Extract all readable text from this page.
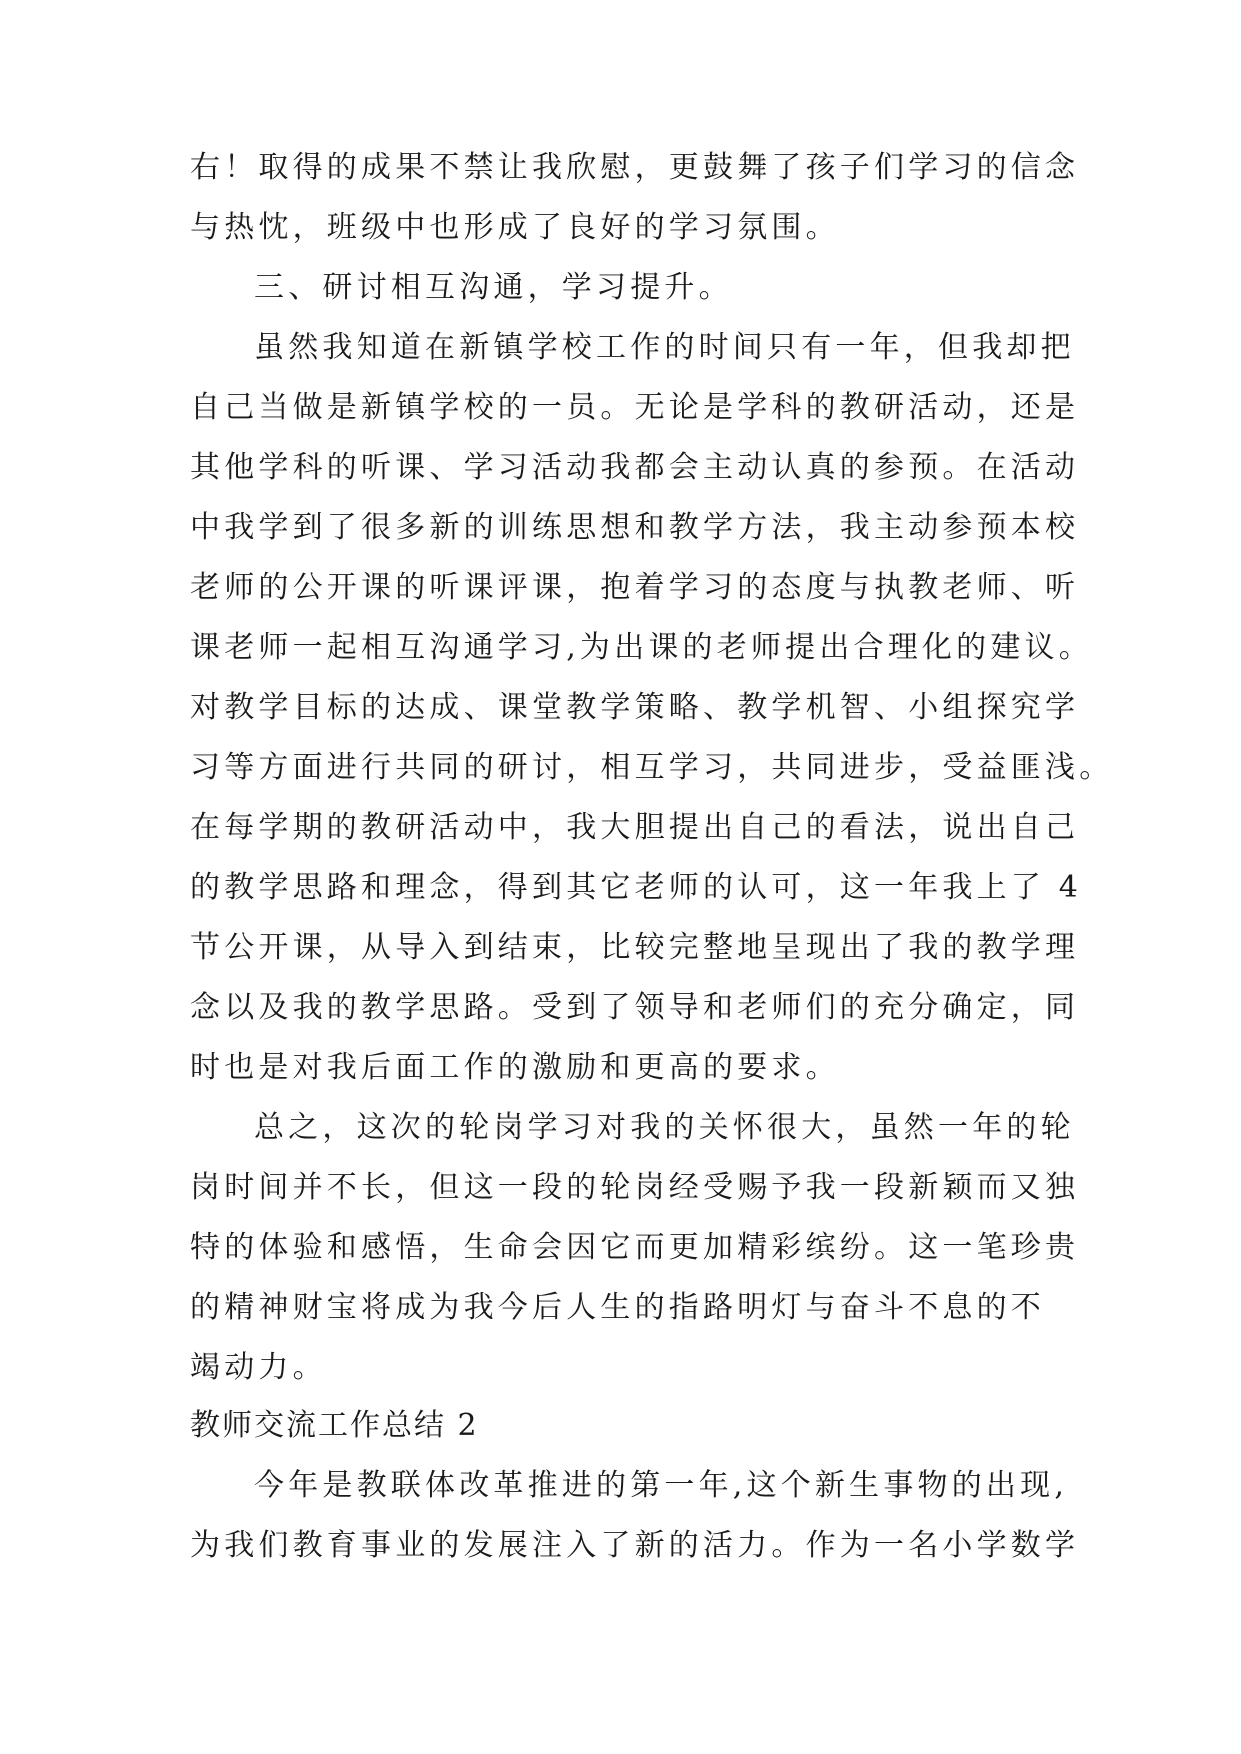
右！取得的成果不禁让我欣慰，更鼓舞了孩子们学习的信念

与热忱，班级中也形成了良好的学习氛围。

三、研讨相互沟通，学习提升。

虽然我知道在新镇学校工作的时间只有一年，但我却把

自己当做是新镇学校的一员。无论是学科的教研活动，还是

其他学科的听课、学习活动我都会主动认真的参预。在活动

中我学到了很多新的训练思想和教学方法，我主动参预本校

老师的公开课的听课评课，抱着学习的态度与执教老师、听

课老师一起相互沟通学习,为出课的老师提出合理化的建议。

对教学目标的达成、课堂教学策略、教学机智、小组探究学

习等方面进行共同的研讨，相互学习，共同进步，受益匪浅。

在每学期的教研活动中，我大胆提出自己的看法，说出自己

的教学思路和理念，得到其它老师的认可，这一年我上了 4

节公开课，从导入到结束，比较完整地呈现出了我的教学理

念以及我的教学思路。受到了领导和老师们的充分确定，同

时也是对我后面工作的激励和更高的要求。

总之，这次的轮岗学习对我的关怀很大，虽然一年的轮

岗时间并不长，但这一段的轮岗经受赐予我一段新颖而又独

特的体验和感悟，生命会因它而更加精彩缤纷。这一笔珍贵

的精神财宝将成为我今后人生的指路明灯与奋斗不息的不

竭动力。

教师交流工作总结 2

今年是教联体改革推进的第一年,这个新生事物的出现,

为我们教育事业的发展注入了新的活力。作为一名小学数学
